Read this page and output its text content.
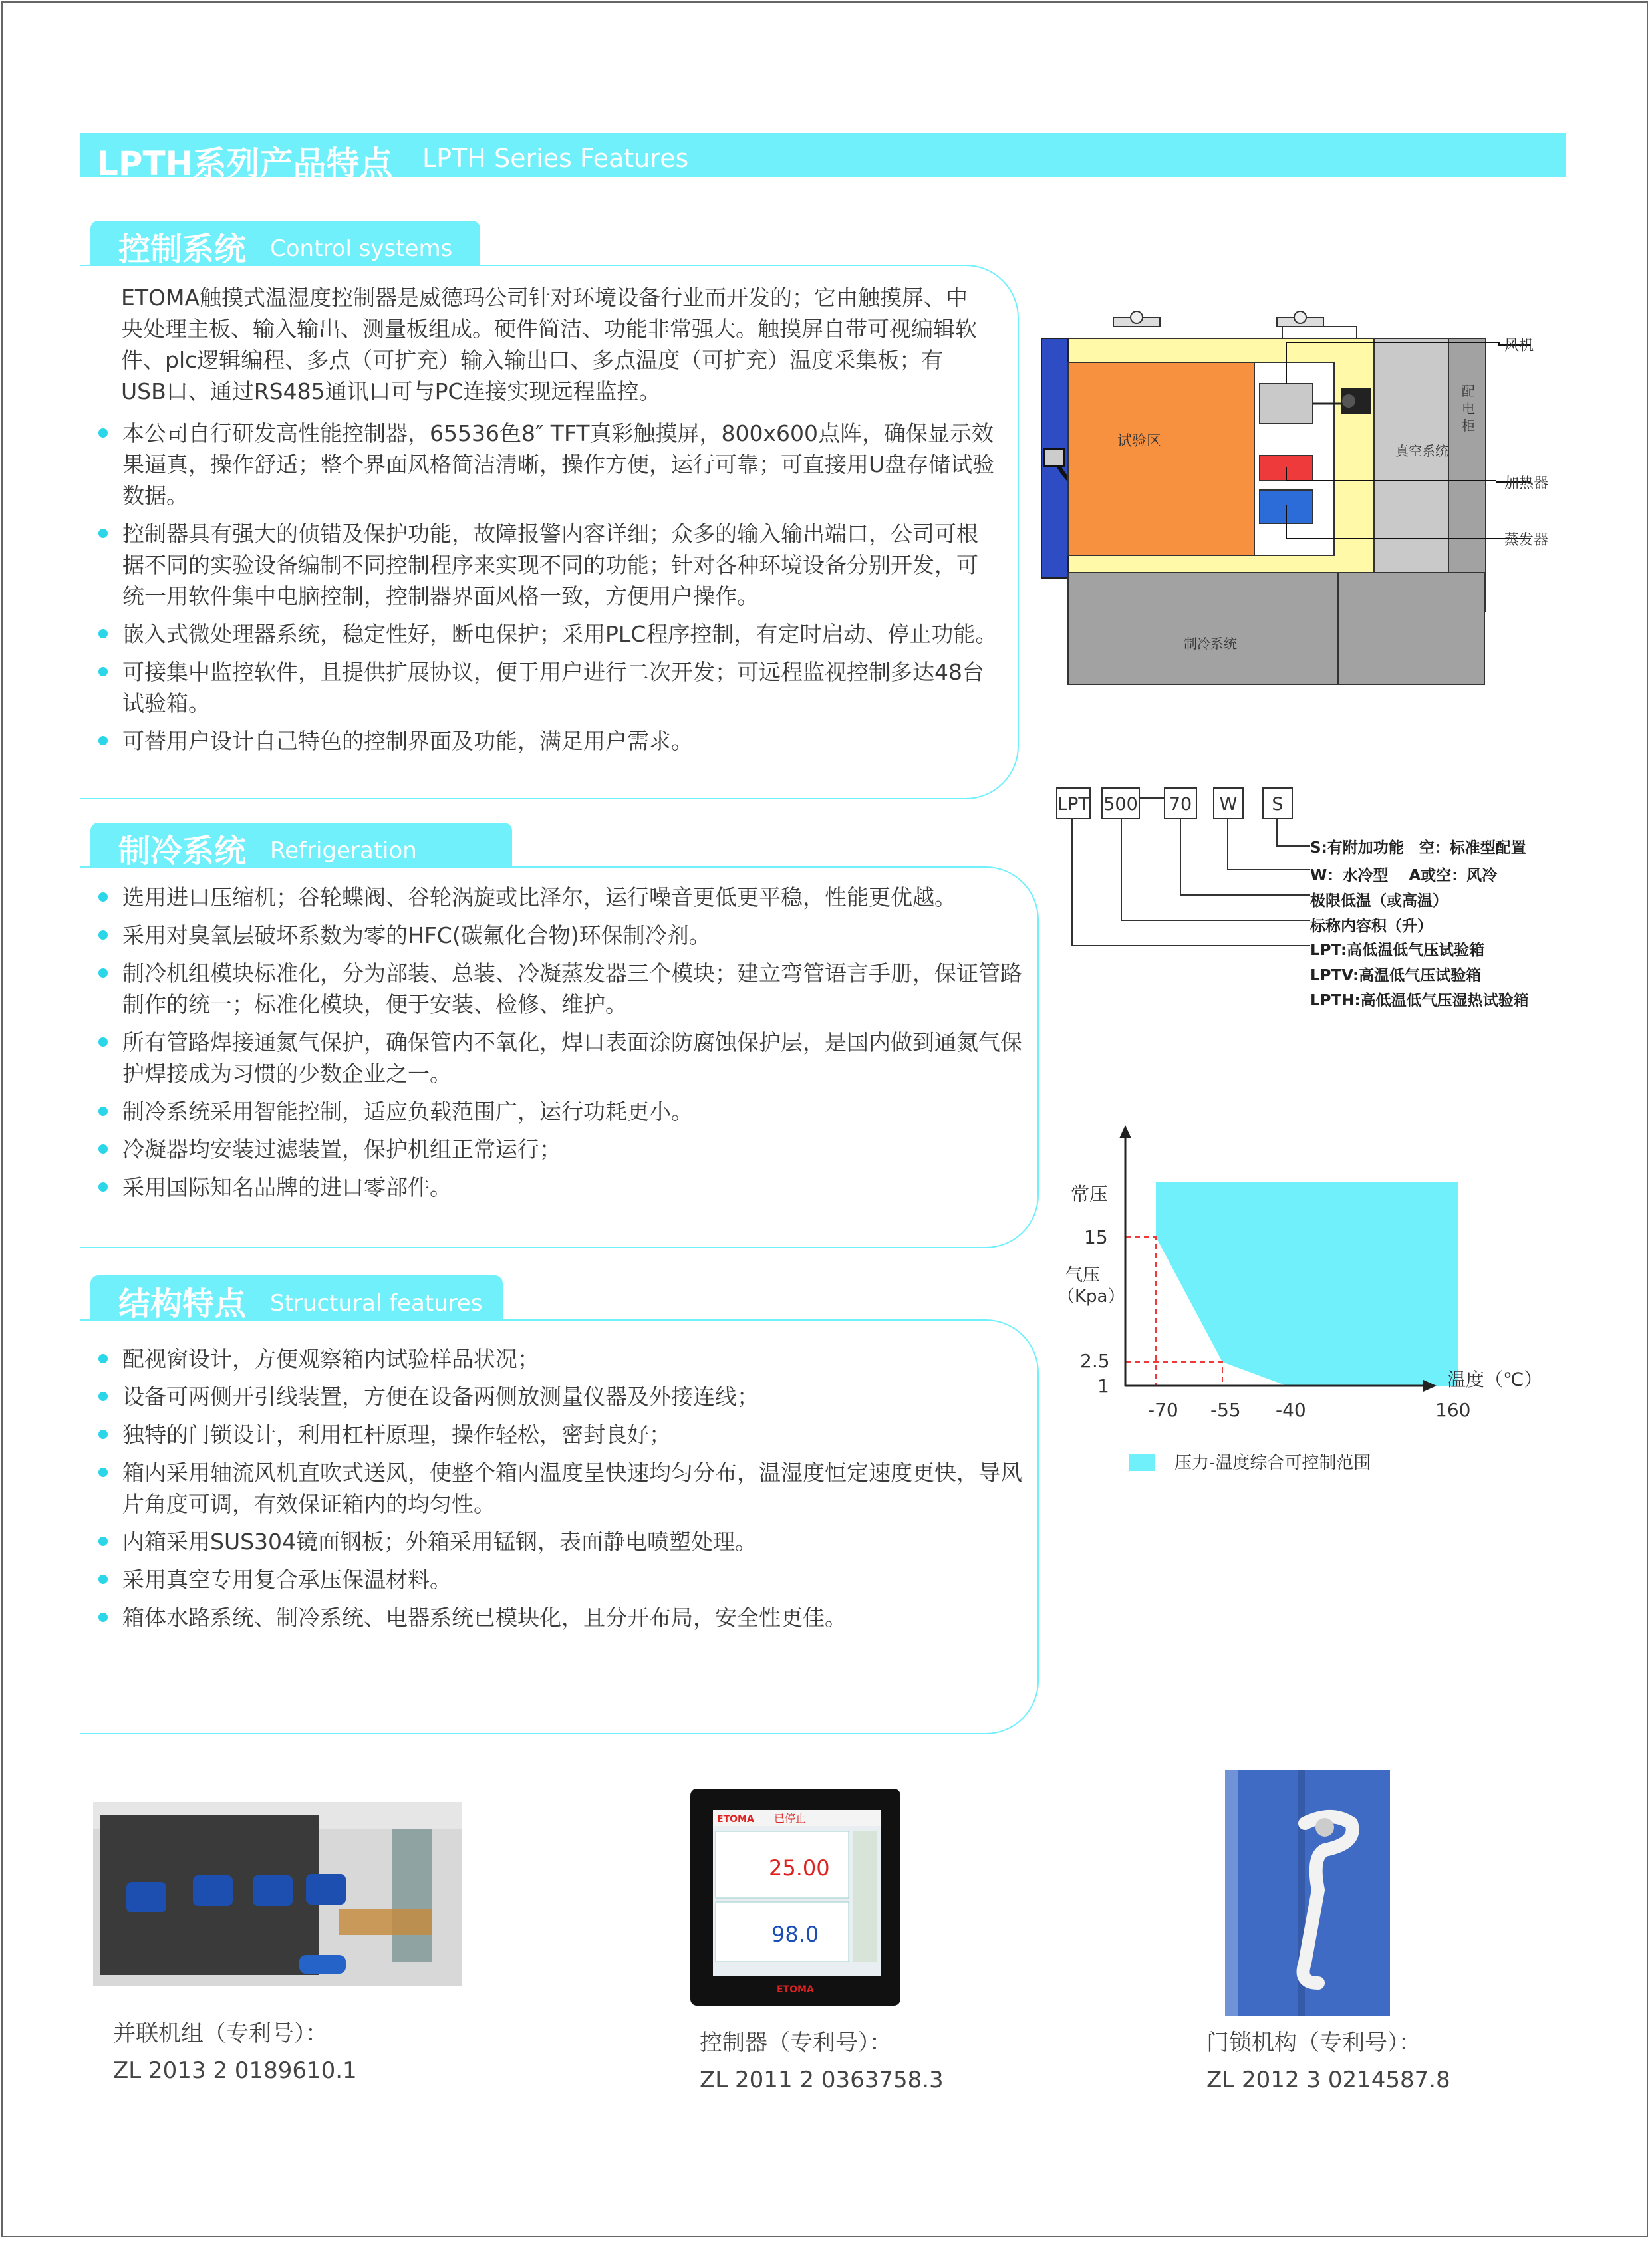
LPTH系列产品特点 LPTH Series Features
控制系统 Control systems
ETOMA触摸式温湿度控制器是威德玛公司针对环境设备行业而开发的；它由触摸屏、中央处理主板、输入输出、测量板组成。硬件简洁、功能非常强大。触摸屏自带可视编辑软件、plc逻辑编程、多点（可扩充）输入输出口、多点温度（可扩充）温度采集板；有USB口、通过RS485通讯口可与PC连接实现远程监控。
本公司自行研发高性能控制器，65536色8″ TFT真彩触摸屏，800x600点阵，确保显示效果逼真，操作舒适；整个界面风格简洁清晰，操作方便，运行可靠；可直接用U盘存储试验数据。
控制器具有强大的侦错及保护功能，故障报警内容详细；众多的输入输出端口，公司可根据不同的实验设备编制不同控制程序来实现不同的功能；针对各种环境设备分别开发，可统一用软件集中电脑控制，控制器界面风格一致，方便用户操作。
嵌入式微处理器系统，稳定性好，断电保护；采用PLC程序控制，有定时启动、停止功能。
可接集中监控软件，且提供扩展协议，便于用户进行二次开发；可远程监视控制多达48台试验箱。
可替用户设计自己特色的控制界面及功能，满足用户需求。
制冷系统 Refrigeration systems
选用进口压缩机；谷轮蝶阀、谷轮涡旋或比泽尔，运行噪音更低更平稳，性能更优越。
采用对臭氧层破坏系数为零的HFC(碳氟化合物)环保制冷剂。
制冷机组模块标准化，分为部装、总装、冷凝蒸发器三个模块；建立弯管语言手册，保证管路制作的统一；标准化模块，便于安装、检修、维护。
所有管路焊接通氮气保护，确保管内不氧化，焊口表面涂防腐蚀保护层，是国内做到通氮气保护焊接成为习惯的少数企业之一。
制冷系统采用智能控制，适应负载范围广，运行功耗更小。
冷凝器均安装过滤装置，保护机组正常运行；
采用国际知名品牌的进口零部件。
结构特点 Structural features
配视窗设计，方便观察箱内试验样品状况；
设备可两侧开引线装置，方便在设备两侧放测量仪器及外接连线；
独特的门锁设计，利用杠杆原理，操作轻松，密封良好；
箱内采用轴流风机直吹式送风，使整个箱内温度呈快速均匀分布，温湿度恒定速度更快，导风片角度可调，有效保证箱内的均匀性。
内箱采用SUS304镜面钢板；外箱采用锰钢，表面静电喷塑处理。
采用真空专用复合承压保温材料。
箱体水路系统、制冷系统、电器系统已模块化，且分开布局，安全性更佳。
试验区
真空系统
配电柜
制冷系统
风机
加热器
蒸发器
LPT 500 70	W	S
S:有附加功能　空：标准型配置
W：水冷型　 A或空：风冷
极限低温（或高温）
标称内容积（升）
LPT:高低温低气压试验箱
LPTV:高温低气压试验箱
LPTH:高低温低气压湿热试验箱
常压
15
气压
（Kpa）
2.5
1
-70 -55 -40	160
温度（℃）
压力-温度综合可控制范围
ETOMA 已停止
25.00
98.0
ETOMA
并联机组（专利号）：
ZL 2013 2 0189610.1
控制器（专利号）：
ZL 2011 2 0363758.3
门锁机构（专利号）：
ZL 2012 3 0214587.8
